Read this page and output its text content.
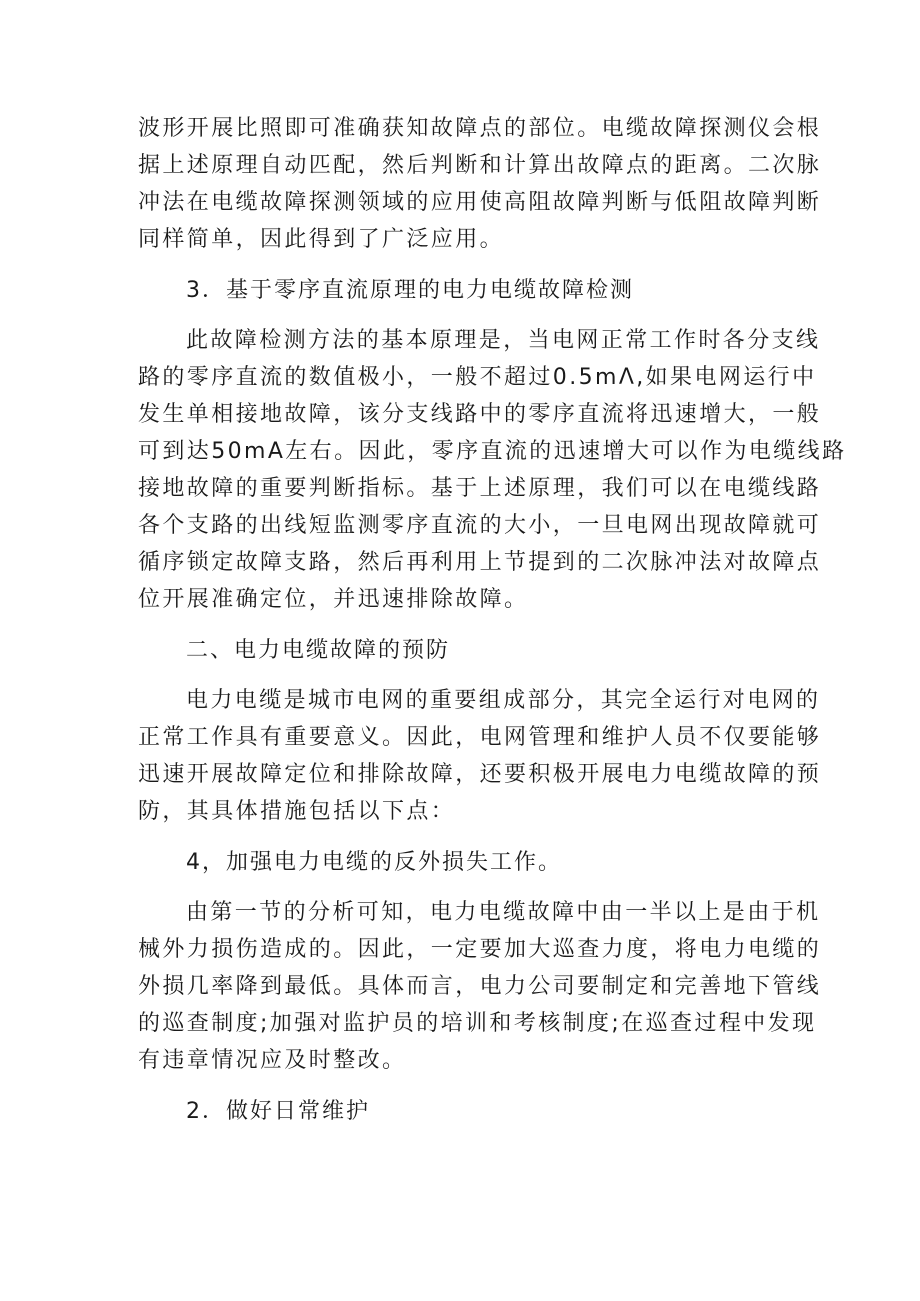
波形开展比照即可准确获知故障点的部位。电缆故障探测仪会根
据上述原理自动匹配，然后判断和计算出故障点的距离。二次脉
冲法在电缆故障探测领域的应用使高阻故障判断与低阻故障判断
同样简单，因此得到了广泛应用。

3．基于零序直流原理的电力电缆故障检测

此故障检测方法的基本原理是，当电网正常工作时各分支线
路的零序直流的数值极小，一般不超过0.5mΛ,如果电网运行中
发生单相接地故障，该分支线路中的零序直流将迅速增大，一般
可到达50mA左右。因此，零序直流的迅速增大可以作为电缆线路
接地故障的重要判断指标。基于上述原理，我们可以在电缆线路
各个支路的出线短监测零序直流的大小，一旦电网出现故障就可
循序锁定故障支路，然后再利用上节提到的二次脉冲法对故障点
位开展准确定位，并迅速排除故障。

二、电力电缆故障的预防

电力电缆是城市电网的重要组成部分，其完全运行对电网的
正常工作具有重要意义。因此，电网管理和维护人员不仅要能够
迅速开展故障定位和排除故障，还要积极开展电力电缆故障的预
防，其具体措施包括以下点：

4，加强电力电缆的反外损失工作。

由第一节的分析可知，电力电缆故障中由一半以上是由于机
械外力损伤造成的。因此，一定要加大巡查力度，将电力电缆的
外损几率降到最低。具体而言，电力公司要制定和完善地下管线
的巡查制度;加强对监护员的培训和考核制度;在巡查过程中发现
有违章情况应及时整改。

2．做好日常维护
